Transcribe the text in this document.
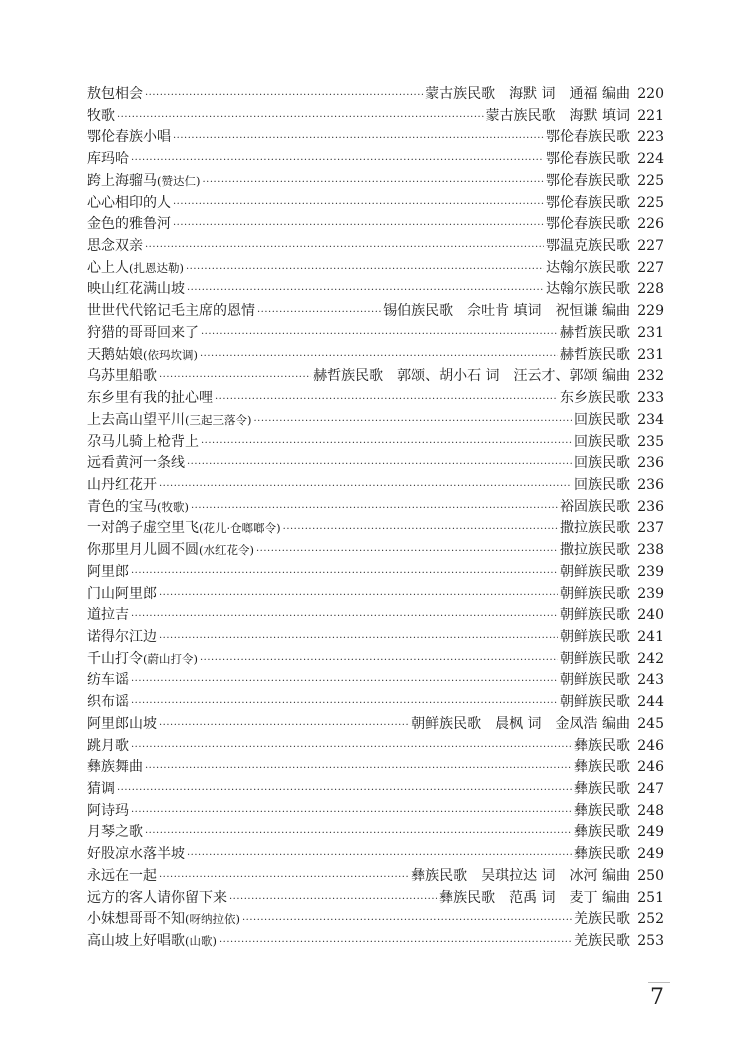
敖包相会 ·····	蒙古族民歌　海默 词　通福 编曲 220
牧歌 ·····	蒙古族民歌　海默 填词 221
鄂伦春族小唱 ·····	鄂伦春族民歌 223
库玛哈 ·····	鄂伦春族民歌 224
跨上海骝马(赞达仁) ·····	鄂伦春族民歌 225
心心相印的人 ·····	鄂伦春族民歌 225
金色的雅鲁河 ·····	鄂伦春族民歌 226
思念双亲 ·····	鄂温克族民歌 227
心上人(扎恩达勒) ·····	达翰尔族民歌 227
映山红花满山坡 ·····	达翰尔族民歌 228
世世代代铭记毛主席的恩情 ·····	锡伯族民歌　佘吐肯 填词　祝恒谦 编曲 229
狩猎的哥哥回来了 ·····	赫哲族民歌 231
天鹅姑娘(依玛坎调) ·····	赫哲族民歌 231
乌苏里船歌 ·····	赫哲族民歌　郭颂、胡小石 词　汪云才、郭颂 编曲 232
东乡里有我的扯心哩 ·····	东乡族民歌 233
上去高山望平川(三起三落令) ·····	回族民歌 234
尕马儿骑上枪背上 ·····	回族民歌 235
远看黄河一条线 ·····	回族民歌 236
山丹红花开 ·····	回族民歌 236
青色的宝马(牧歌) ·····	裕固族民歌 236
一对鸽子虚空里飞(花儿·仓啷啷令) ·····	撒拉族民歌 237
你那里月儿圆不圆(水红花令) ·····	撒拉族民歌 238
阿里郎 ·····	朝鲜族民歌 239
门山阿里郎 ·····	朝鲜族民歌 239
道拉吉 ·····	朝鲜族民歌 240
诺得尔江边 ·····	朝鲜族民歌 241
千山打令(蔚山打令) ·····	朝鲜族民歌 242
纺车谣 ·····	朝鲜族民歌 243
织布谣 ·····	朝鲜族民歌 244
阿里郎山坡 ·····	朝鲜族民歌　晨枫 词　金凤浩 编曲 245
跳月歌 ·····	彝族民歌 246
彝族舞曲 ·····	彝族民歌 246
猜调 ·····	彝族民歌 247
阿诗玛 ·····	彝族民歌 248
月琴之歌 ·····	彝族民歌 249
好股凉水落半坡 ·····	彝族民歌 249
永远在一起 ·····	彝族民歌　吴琪拉达 词　冰河 编曲 250
远方的客人请你留下来 ·····	彝族民歌　范禹 词　麦丁 编曲 251
小妹想哥哥不知(呀纳拉依) ·····	羌族民歌 252
高山坡上好唱歌(山歌) ·····	羌族民歌 253
7
